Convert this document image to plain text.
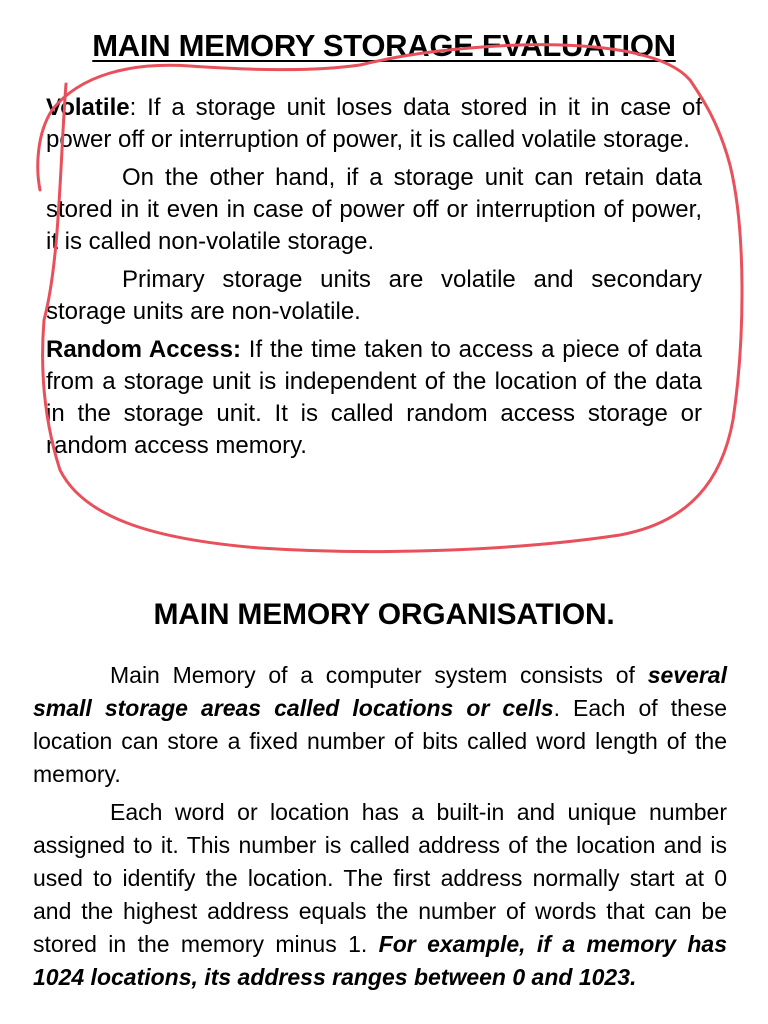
MAIN MEMORY STORAGE EVALUATION

Volatile: If a storage unit loses data stored in it in case of power off or interruption of power, it is called volatile storage.

On the other hand, if a storage unit can retain data stored in it even in case of power off or interruption of power, it is called non-volatile storage.

Primary storage units are volatile and secondary storage units are non-volatile.

Random Access: If the time taken to access a piece of data from a storage unit is independent of the location of the data in the storage unit. It is called random access storage or random access memory.

MAIN MEMORY ORGANISATION.

Main Memory of a computer system consists of several small storage areas called locations or cells. Each of these location can store a fixed number of bits called word length of the memory.

Each word or location has a built-in and unique number assigned to it. This number is called address of the location and is used to identify the location. The first address normally start at 0 and the highest address equals the number of words that can be stored in the memory minus 1. For example, if a memory has 1024 locations, its address ranges between 0 and 1023.
